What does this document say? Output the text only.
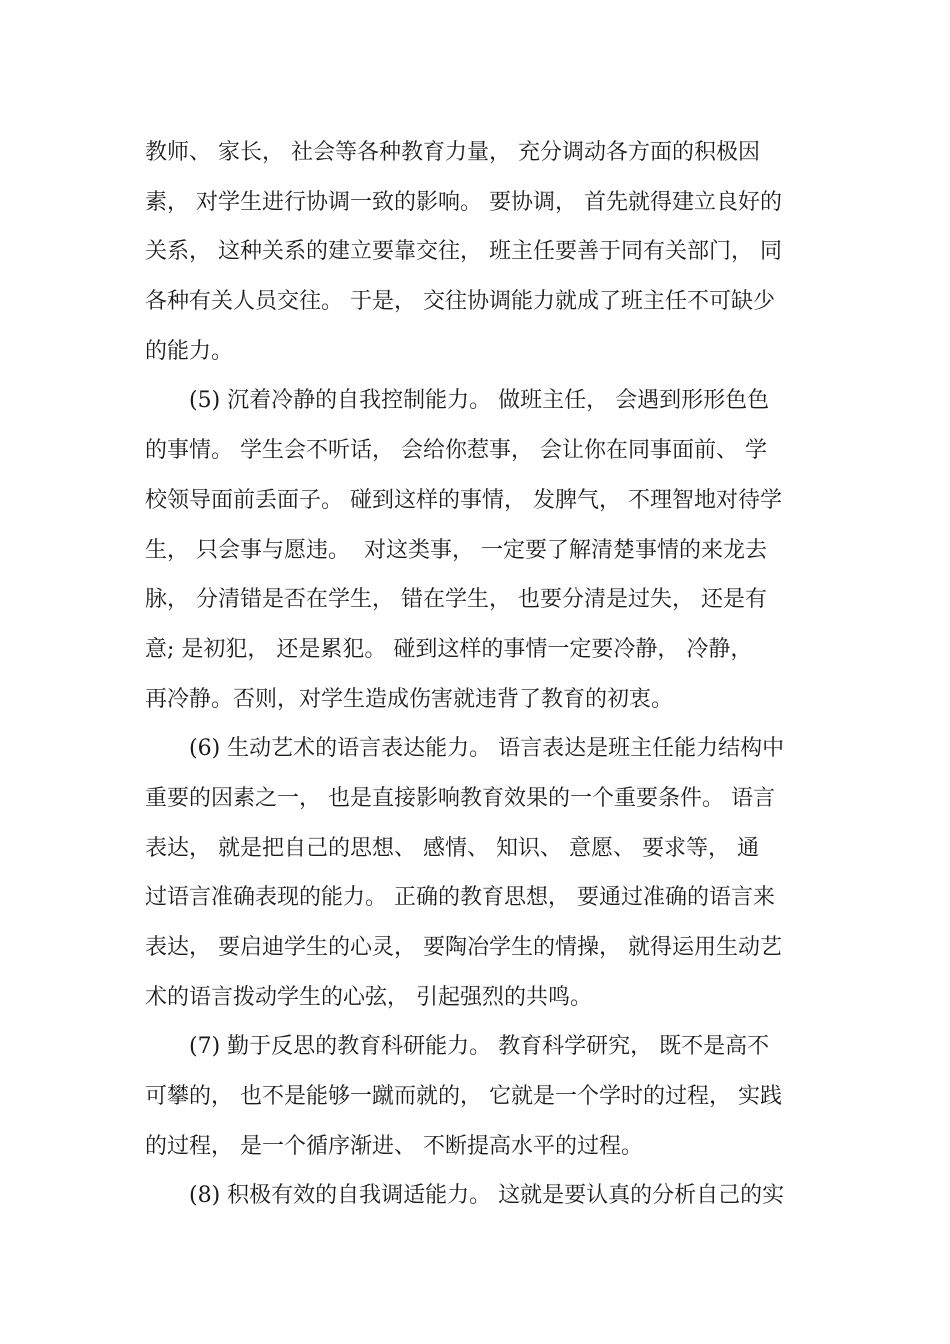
教师、 家长， 社会等各种教育力量， 充分调动各方面的积极因
素， 对学生进行协调一致的影响。 要协调， 首先就得建立良好的
关系， 这种关系的建立要靠交往， 班主任要善于同有关部门， 同
各种有关人员交往。 于是， 交往协调能力就成了班主任不可缺少
的能力。
(5) 沉着冷静的自我控制能力。 做班主任， 会遇到形形色色
的事情。 学生会不听话， 会给你惹事， 会让你在同事面前、 学
校领导面前丢面子。 碰到这样的事情， 发脾气， 不理智地对待学
生， 只会事与愿违。  对这类事， 一定要了解清楚事情的来龙去
脉， 分清错是否在学生， 错在学生， 也要分清是过失， 还是有
意; 是初犯， 还是累犯。 碰到这样的事情一定要冷静， 冷静，
再冷静。否则，对学生造成伤害就违背了教育的初衷。
(6) 生动艺术的语言表达能力。 语言表达是班主任能力结构中
重要的因素之一， 也是直接影响教育效果的一个重要条件。 语言
表达， 就是把自己的思想、 感情、 知识、 意愿、 要求等， 通
过语言准确表现的能力。 正确的教育思想， 要通过准确的语言来
表达， 要启迪学生的心灵， 要陶冶学生的情操， 就得运用生动艺
术的语言拨动学生的心弦， 引起强烈的共鸣。
(7) 勤于反思的教育科研能力。 教育科学研究， 既不是高不
可攀的， 也不是能够一蹴而就的， 它就是一个学时的过程， 实践
的过程， 是一个循序渐进、 不断提高水平的过程。
(8) 积极有效的自我调适能力。 这就是要认真的分析自己的实
